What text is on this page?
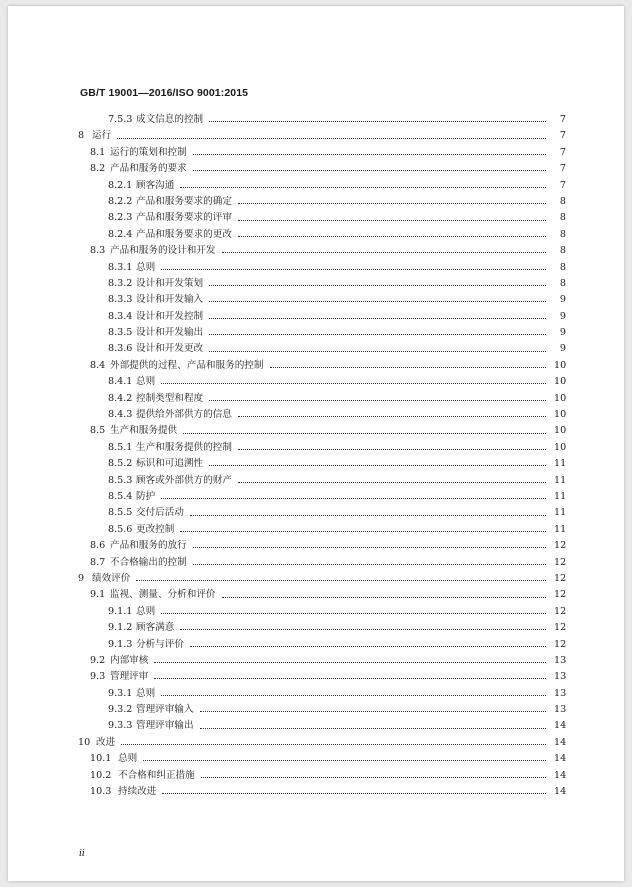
GB/T 19001—2016/ISO 9001:2015
7.5.3 成文信息的控制	7
8 运行	7
8.1 运行的策划和控制	7
8.2 产品和服务的要求	7
8.2.1 顾客沟通	7
8.2.2 产品和服务要求的确定	8
8.2.3 产品和服务要求的评审	8
8.2.4 产品和服务要求的更改	8
8.3 产品和服务的设计和开发	8
8.3.1 总则	8
8.3.2 设计和开发策划	8
8.3.3 设计和开发输入	9
8.3.4 设计和开发控制	9
8.3.5 设计和开发输出	9
8.3.6 设计和开发更改	9
8.4 外部提供的过程、产品和服务的控制	10
8.4.1 总则	10
8.4.2 控制类型和程度	10
8.4.3 提供给外部供方的信息	10
8.5 生产和服务提供	10
8.5.1 生产和服务提供的控制	10
8.5.2 标识和可追溯性	11
8.5.3 顾客或外部供方的财产	11
8.5.4 防护	11
8.5.5 交付后活动	11
8.5.6 更改控制	11
8.6 产品和服务的放行	12
8.7 不合格输出的控制	12
9 绩效评价	12
9.1 监视、测量、分析和评价	12
9.1.1 总则	12
9.1.2 顾客满意	12
9.1.3 分析与评价	12
9.2 内部审核	13
9.3 管理评审	13
9.3.1 总则	13
9.3.2 管理评审输入	13
9.3.3 管理评审输出	14
10 改进	14
10.1 总则	14
10.2 不合格和纠正措施	14
10.3 持续改进	14
ii
